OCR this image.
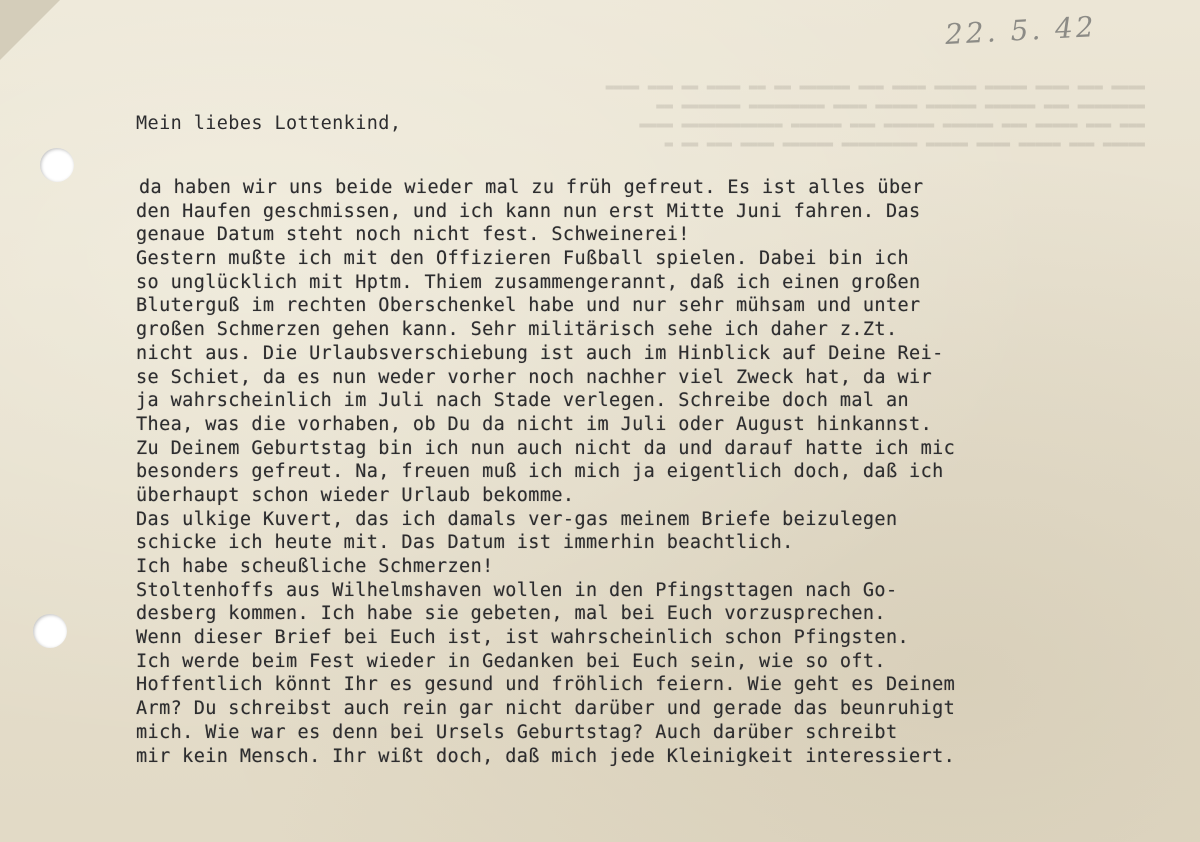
22. 5. 42
▬▬▬▬ ▬▬▬ ▬▬▬▬ ▬▬▬▬▬ ▬▬▬▬▬ ▬▬▬▬ ▬▬▬ ▬▬▬▬▬▬ ▬▬ ▬▬ ▬▬▬▬ ▬▬ ▬▬▬ ▬▬▬▬
▬▬▬▬▬▬▬▬ ▬▬▬ ▬▬▬▬▬▬ ▬▬▬▬▬▬ ▬▬▬▬▬ ▬▬▬▬ ▬▬▬▬▬▬▬▬▬ ▬▬▬▬▬▬▬ ▬▬
▬▬▬ ▬▬▬ ▬▬▬▬▬ ▬▬▬ ▬▬▬▬▬▬ ▬▬▬▬▬▬ ▬▬▬ ▬▬▬▬▬▬ ▬▬▬▬▬▬▬▬▬▬▬▬ ▬▬▬▬
▬▬▬▬▬ ▬▬▬ ▬▬▬▬▬ ▬▬▬▬ ▬▬▬▬▬ ▬▬▬▬▬▬▬▬▬ ▬▬▬▬▬▬ ▬▬▬▬ ▬▬▬ ▬▬ ▬

Mein liebes Lottenkind,

da haben wir uns beide wieder mal zu früh gefreut. Es ist alles über
den Haufen geschmissen, und ich kann nun erst Mitte Juni fahren. Das
genaue Datum steht noch nicht fest. Schweinerei!
Gestern mußte ich mit den Offizieren Fußball spielen. Dabei bin ich
so unglücklich mit Hptm. Thiem zusammengerannt, daß ich einen großen
Bluterguß im rechten Oberschenkel habe und nur sehr mühsam und unter
großen Schmerzen gehen kann. Sehr militärisch sehe ich daher z.Zt.
nicht aus. Die Urlaubsverschiebung ist auch im Hinblick auf Deine Rei-
se Schiet, da es nun weder vorher noch nachher viel Zweck hat, da wir
ja wahrscheinlich im Juli nach Stade verlegen. Schreibe doch mal an
Thea, was die vorhaben, ob Du da nicht im Juli oder August hinkannst.
Zu Deinem Geburtstag bin ich nun auch nicht da und darauf hatte ich mic
besonders gefreut. Na, freuen muß ich mich ja eigentlich doch, daß ich
überhaupt schon wieder Urlaub bekomme.
Das ulkige Kuvert, das ich damals ver-gas meinem Briefe beizulegen
schicke ich heute mit. Das Datum ist immerhin beachtlich.
Ich habe scheußliche Schmerzen!
Stoltenhoffs aus Wilhelmshaven wollen in den Pfingsttagen nach Go-
desberg kommen. Ich habe sie gebeten, mal bei Euch vorzusprechen.
Wenn dieser Brief bei Euch ist, ist wahrscheinlich schon Pfingsten.
Ich werde beim Fest wieder in Gedanken bei Euch sein, wie so oft.
Hoffentlich könnt Ihr es gesund und fröhlich feiern. Wie geht es Deinem
Arm? Du schreibst auch rein gar nicht darüber und gerade das beunruhigt
mich. Wie war es denn bei Ursels Geburtstag? Auch darüber schreibt
mir kein Mensch. Ihr wißt doch, daß mich jede Kleinigkeit interessiert.
